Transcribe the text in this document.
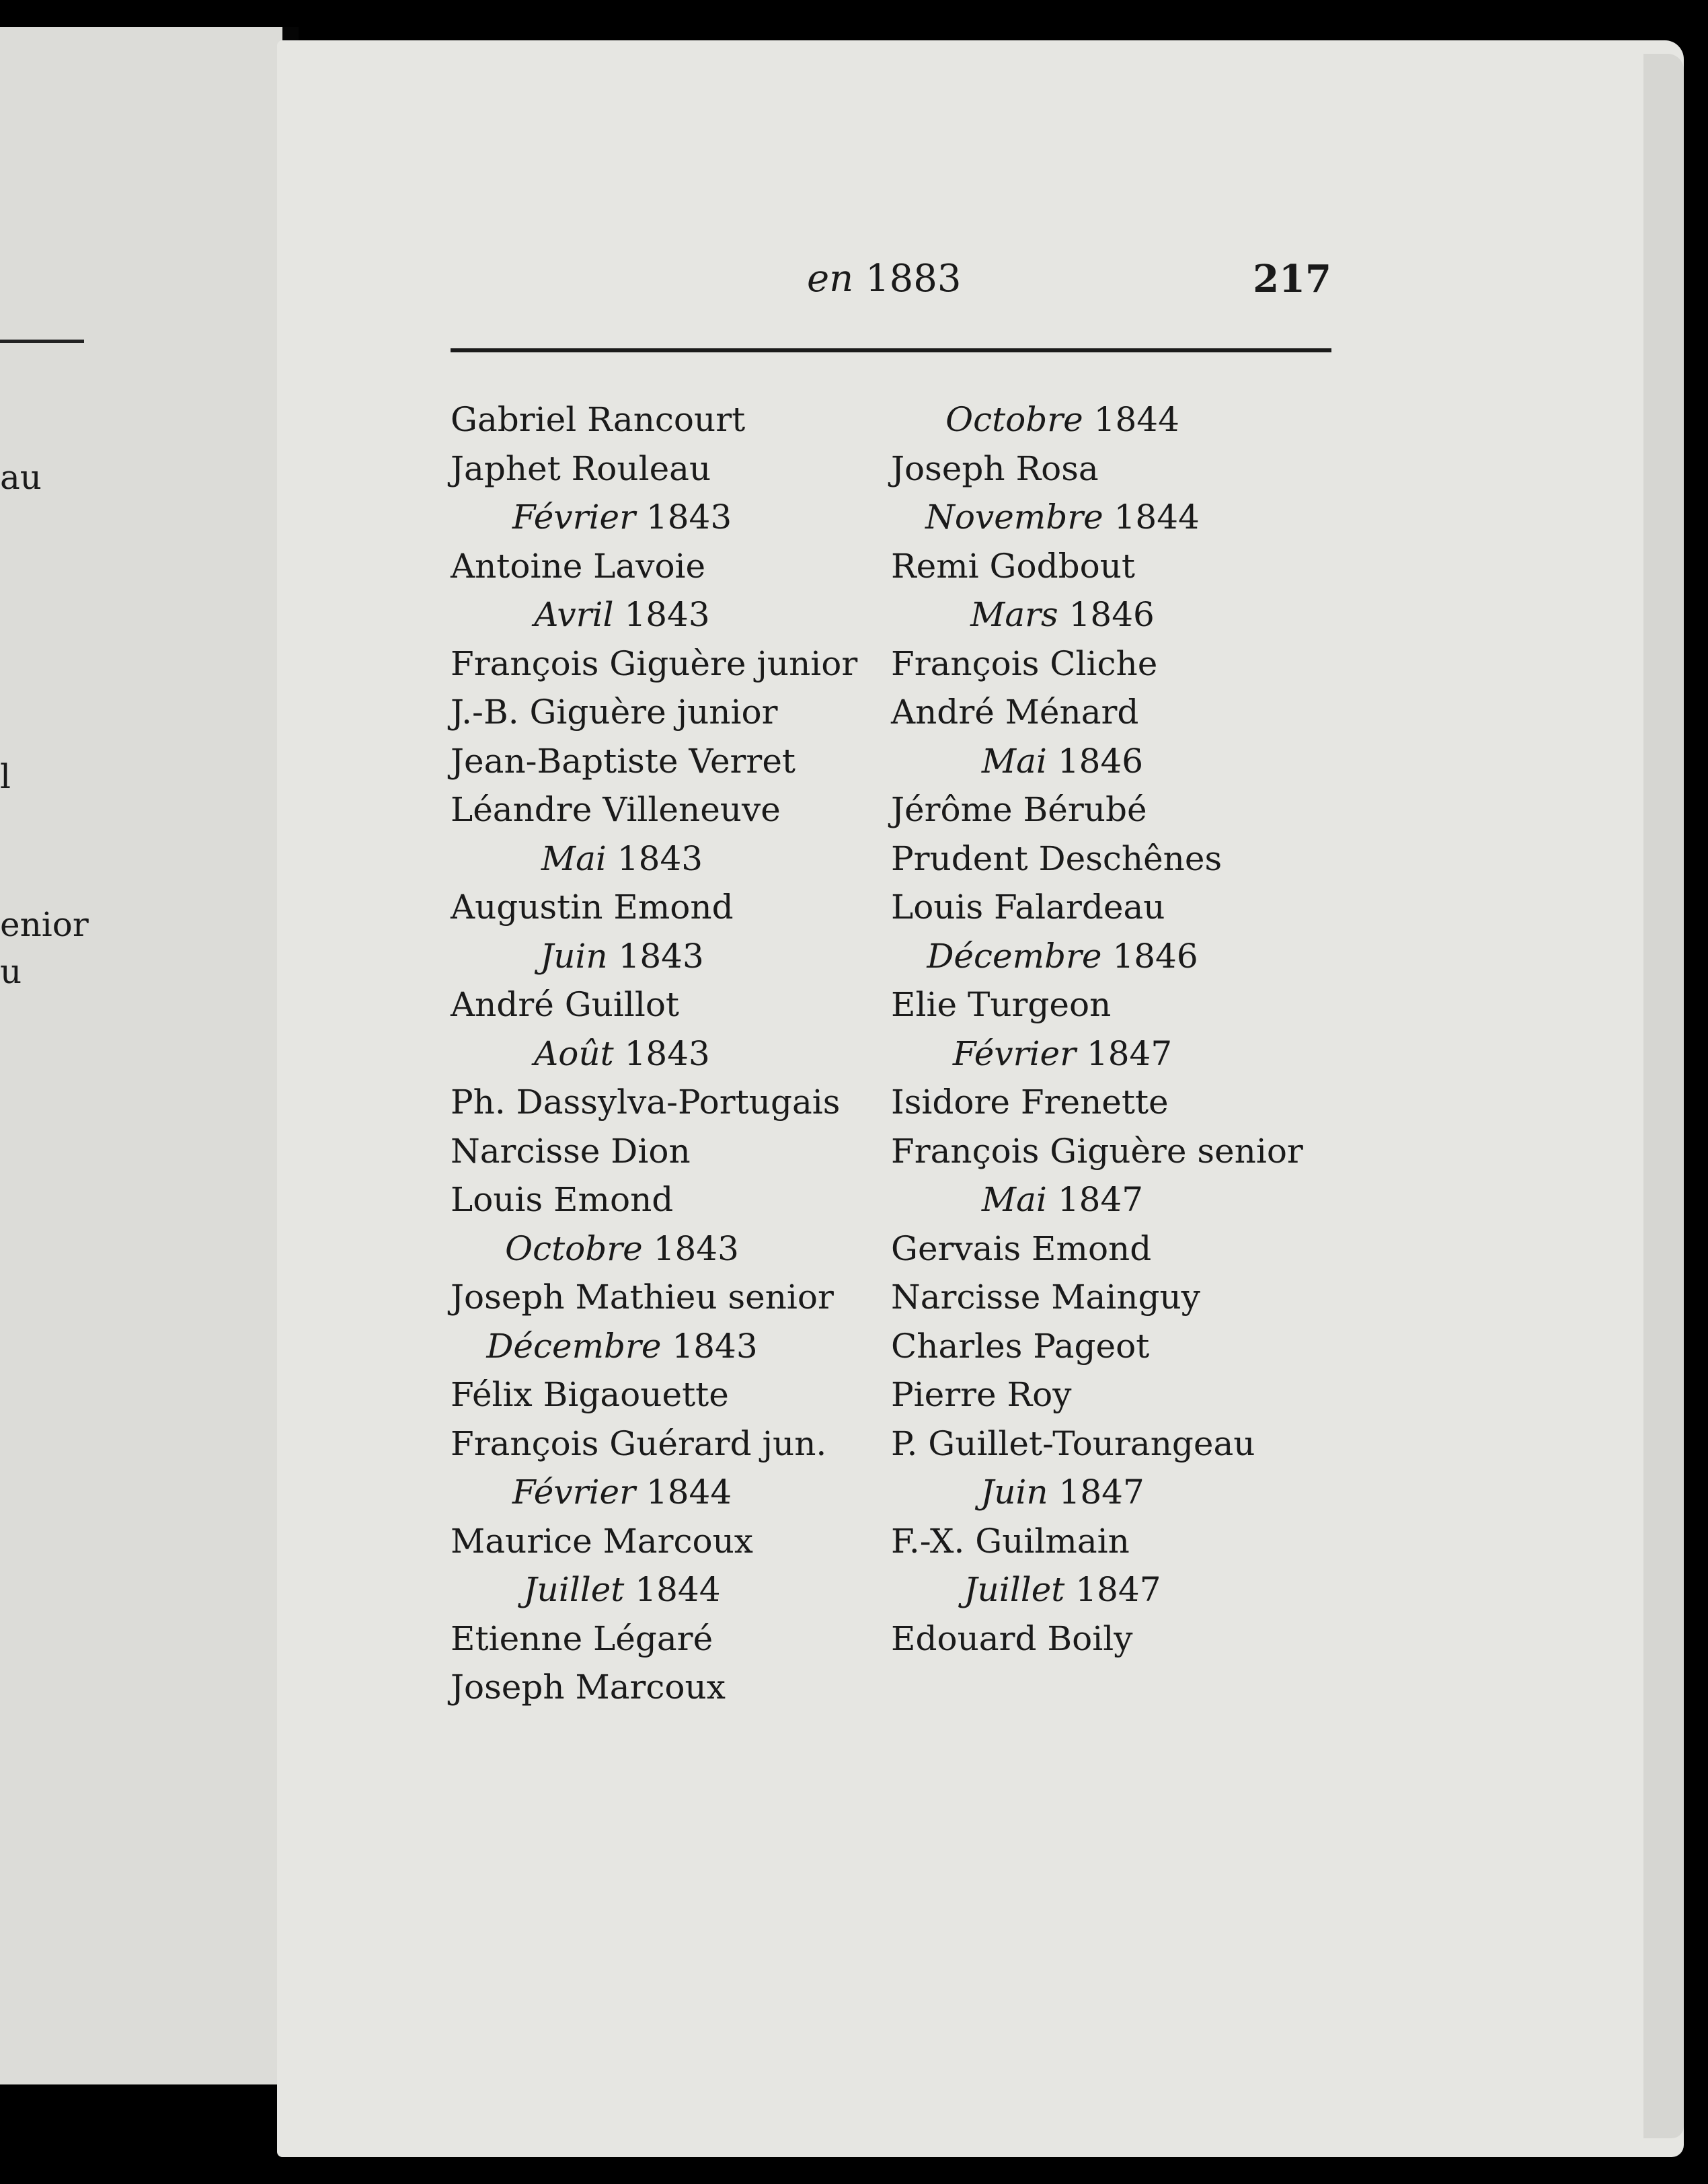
au
l
enior
u
en 1883	217
Gabriel Rancourt
Japhet Rouleau
Février 1843
Antoine Lavoie
Avril 1843
François Giguère junior
J.-B. Giguère junior
Jean-Baptiste Verret
Léandre Villeneuve
Mai 1843
Augustin Emond
Juin 1843
André Guillot
Août 1843
Ph. Dassylva-Portugais
Narcisse Dion
Louis Emond
Octobre 1843
Joseph Mathieu senior
Décembre 1843
Félix Bigaouette
François Guérard jun.
Février 1844
Maurice Marcoux
Juillet 1844
Etienne Légaré
Joseph Marcoux
Octobre 1844
Joseph Rosa
Novembre 1844
Remi Godbout
Mars 1846
François Cliche
André Ménard
Mai 1846
Jérôme Bérubé
Prudent Deschênes
Louis Falardeau
Décembre 1846
Elie Turgeon
Février 1847
Isidore Frenette
François Giguère senior
Mai 1847
Gervais Emond
Narcisse Mainguy
Charles Pageot
Pierre Roy
P. Guillet-Tourangeau
Juin 1847
F.-X. Guilmain
Juillet 1847
Edouard Boily
